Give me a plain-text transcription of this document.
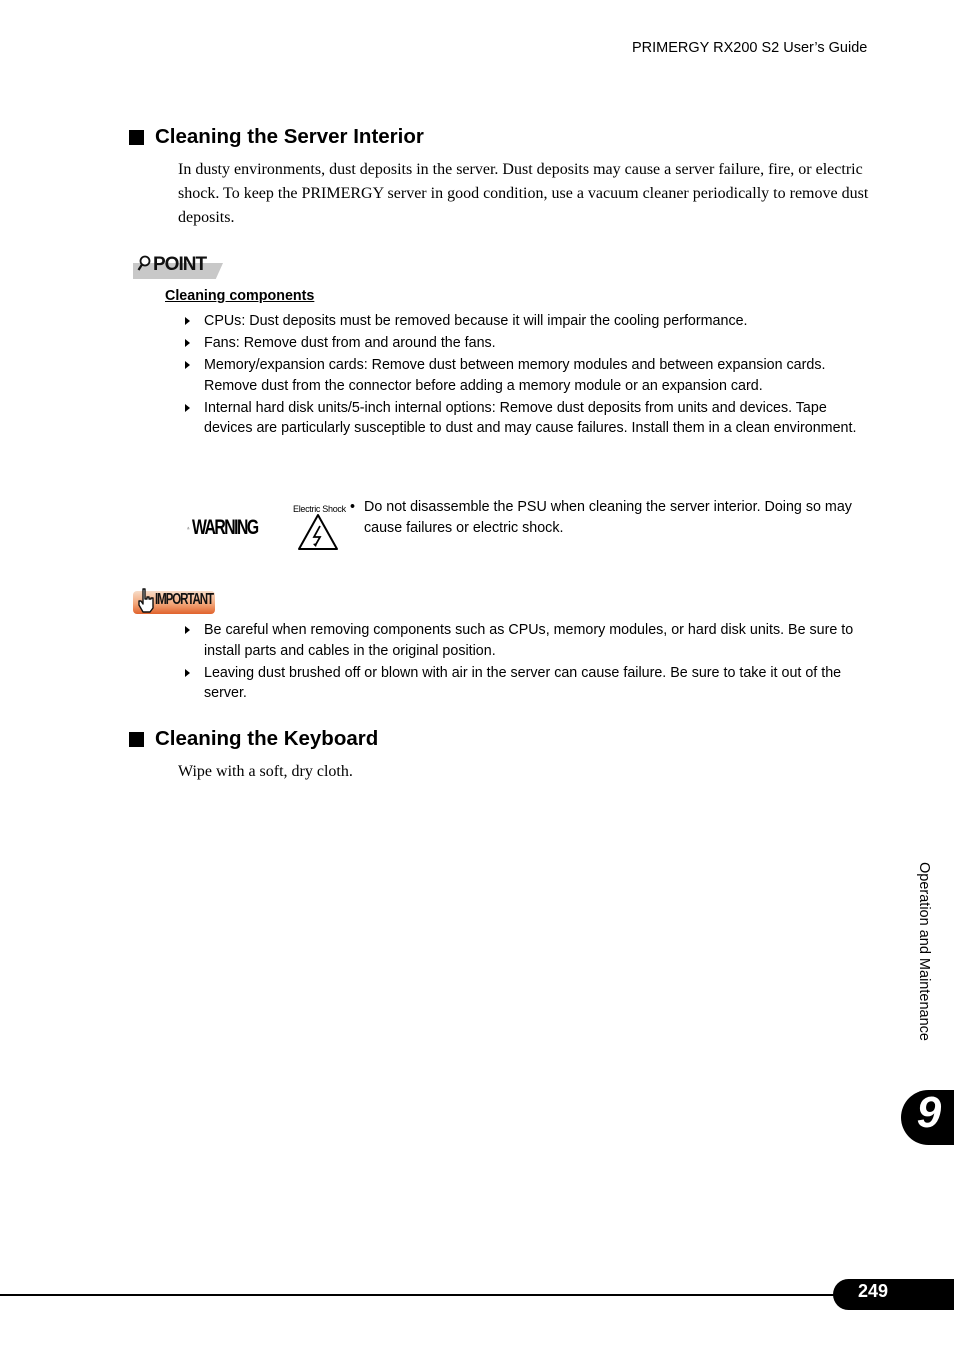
PRIMERGY RX200 S2 User’s Guide
Cleaning the Server Interior
In dusty environments, dust deposits in the server. Dust deposits may cause a server failure, fire, or electric shock. To keep the PRIMERGY server in good condition, use a vacuum cleaner periodically to remove dust deposits.
POINT
Cleaning components
CPUs: Dust deposits must be removed because it will impair the cooling performance.
Fans: Remove dust from and around the fans.
Memory/expansion cards: Remove dust between memory modules and between expansion cards. Remove dust from the connector before adding a memory module or an expansion card.
Internal hard disk units/5-inch internal options: Remove dust deposits from units and devices. Tape devices are particularly susceptible to dust and may cause failures. Install them in a clean environment.
WARNING
Electric Shock • Do not disassemble the PSU when cleaning the server interior. Doing so may cause failures or electric shock.
IMPORTANT
Be careful when removing components such as CPUs, memory modules, or hard disk units. Be sure to install parts and cables in the original position.
Leaving dust brushed off or blown with air in the server can cause failure. Be sure to take it out of the server.
Cleaning the Keyboard
Wipe with a soft, dry cloth.
Operation and Maintenance
9
249
